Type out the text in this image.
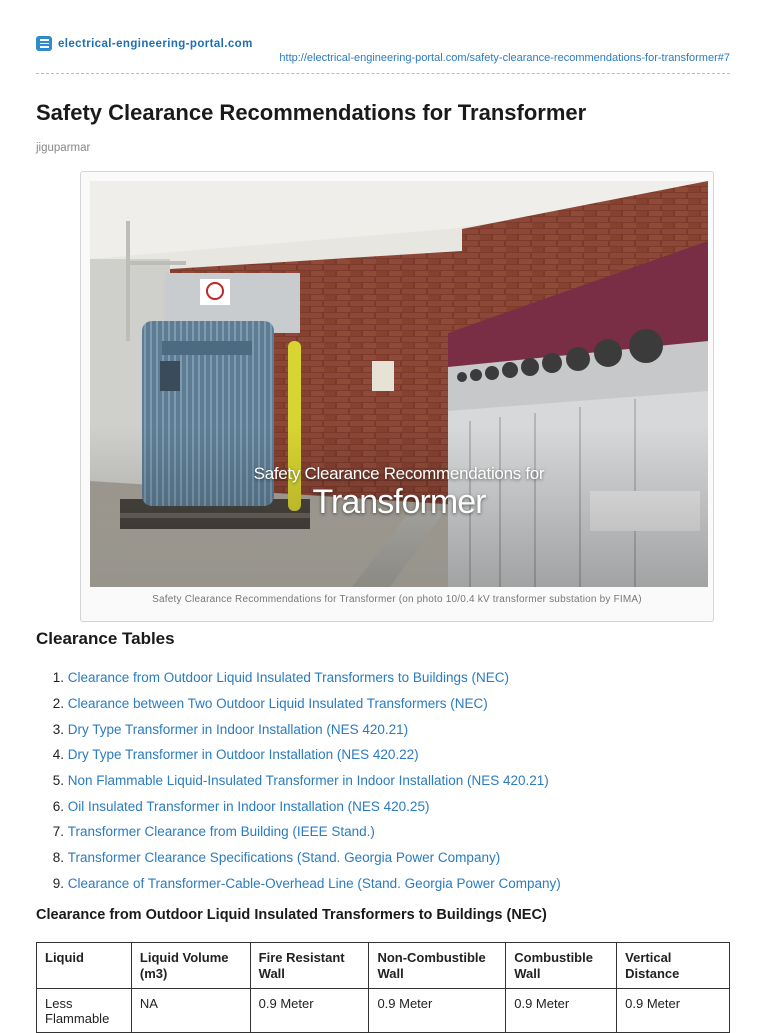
electrical-engineering-portal.com
http://electrical-engineering-portal.com/safety-clearance-recommendations-for-transformer#7
Safety Clearance Recommendations for Transformer
jiguparmar
Safety Clearance Recommendations for
Transformer
Safety Clearance Recommendations for Transformer (on photo 10/0.4 kV transformer substation by FIMA)
Clearance Tables
1.
Clearance from Outdoor Liquid Insulated Transformers to Buildings (NEC)
2.
Clearance between Two Outdoor Liquid Insulated Transformers (NEC)
3.
Dry Type Transformer in Indoor Installation (NES 420.21)
4.
Dry Type Transformer in Outdoor Installation (NES 420.22)
5.
Non Flammable Liquid-Insulated Transformer in Indoor Installation (NES 420.21)
6.
Oil Insulated Transformer in Indoor Installation (NES 420.25)
7.
Transformer Clearance from Building (IEEE Stand.)
8.
Transformer Clearance Specifications (Stand. Georgia Power Company)
9.
Clearance of Transformer-Cable-Overhead Line (Stand. Georgia Power Company)
Clearance from Outdoor Liquid Insulated Transformers to Buildings (NEC)
Liquid	Liquid Volume (m3)	Fire Resistant Wall	Non-Combustible Wall	Combustible Wall	Vertical Distance
Less Flammable	NA	0.9 Meter	0.9 Meter	0.9 Meter	0.9 Meter
